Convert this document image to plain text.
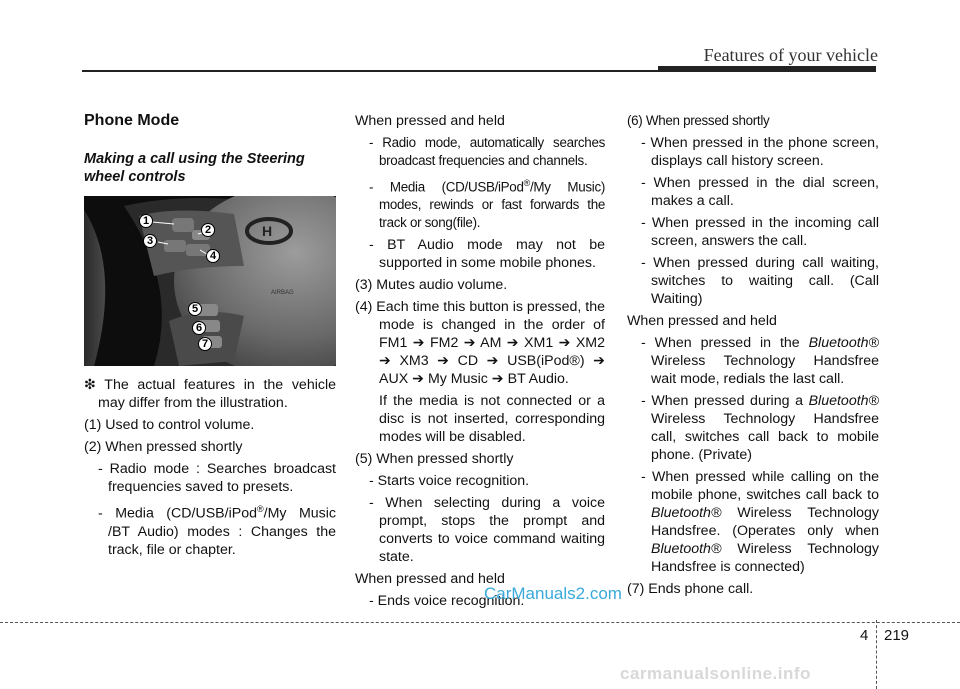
Features of your vehicle
Phone Mode
Making a call using the Steering wheel controls
H
AIRBAG
1
2
3
4
5
6
7

❇ The actual features in the vehicle may differ from the illustration.

(1) Used to control volume.

(2) When pressed shortly

- Radio mode : Searches broadcast frequencies saved to presets.

- Media (CD/USB/iPod®/My Music /BT Audio) modes : Changes the track, file or chapter.

When pressed and held

- Radio mode, automatically searches broadcast frequencies and channels.

- Media (CD/USB/iPod®/My Music) modes, rewinds or fast forwards the track or song(file).

- BT Audio mode may not be supported in some mobile phones.

(3) Mutes audio volume.

(4) Each time this button is pressed, the mode is changed in the order of FM1 ➔ FM2 ➔ AM ➔ XM1 ➔ XM2 ➔ XM3 ➔ CD ➔ USB(iPod®) ➔ AUX ➔ My Music ➔ BT Audio.

If the media is not connected or a disc is not inserted, corresponding modes will be disabled.

(5) When pressed shortly

- Starts voice recognition.

- When selecting during a voice prompt, stops the prompt and converts to voice command waiting state.

When pressed and held

- Ends voice recognition.

(6) When pressed shortly

- When pressed in the phone screen, displays call history screen.

- When pressed in the dial screen, makes a call.

- When pressed in the incoming call screen, answers the call.

- When pressed during call waiting, switches to waiting call. (Call Waiting)

When pressed and held

- When pressed in the Bluetooth® Wireless Technology Handsfree wait mode, redials the last call.

- When pressed during a Bluetooth® Wireless Technology Handsfree call, switches call back to mobile phone. (Private)

- When pressed while calling on the mobile phone, switches call back to Bluetooth® Wireless Technology Handsfree. (Operates only when Bluetooth® Wireless Technology Handsfree is connected)

(7) Ends phone call.

CarManuals2.com
4 219
carmanualsonline.info
